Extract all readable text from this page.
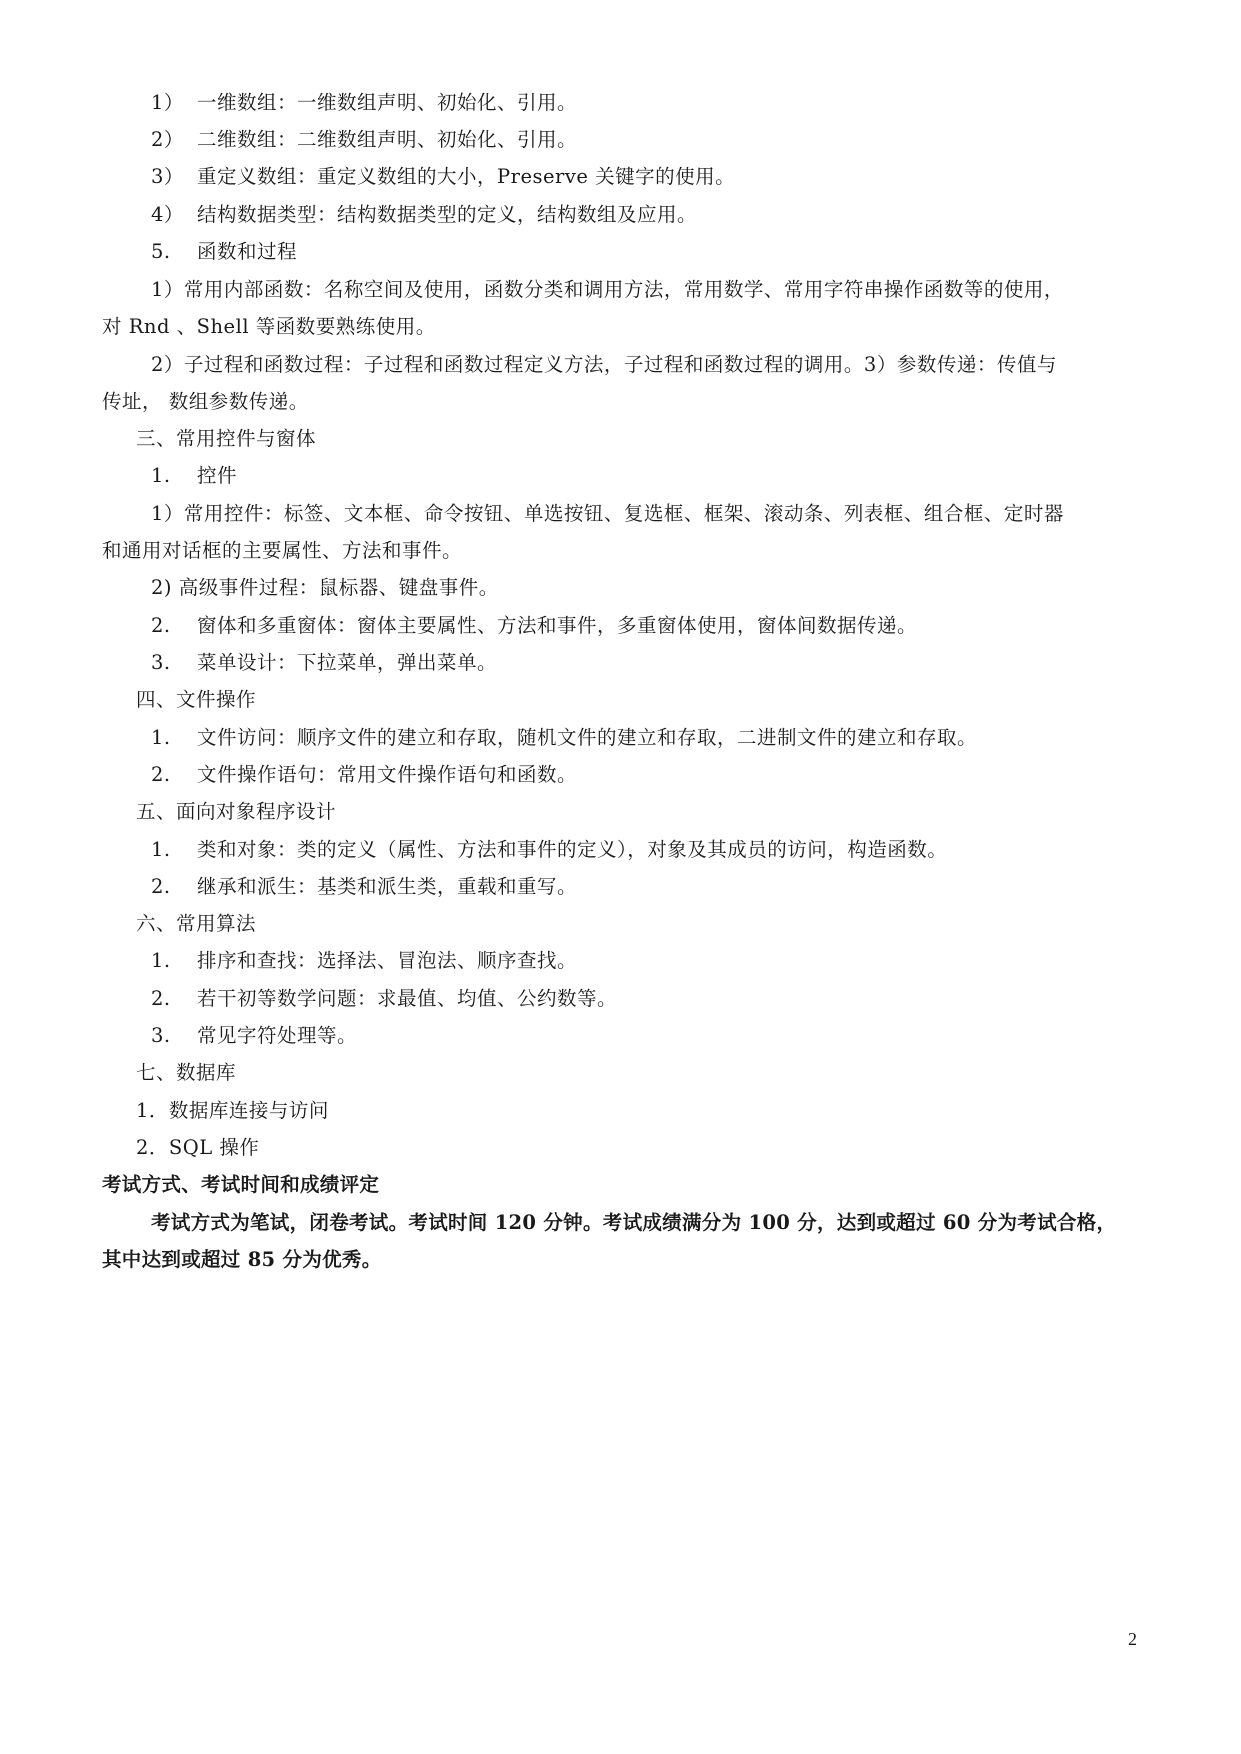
1） 一维数组：一维数组声明、初始化、引用。
2） 二维数组：二维数组声明、初始化、引用。
3） 重定义数组：重定义数组的大小，Preserve 关键字的使用。
4） 结构数据类型：结构数据类型的定义，结构数组及应用。
5. 函数和过程
1）常用内部函数：名称空间及使用，函数分类和调用方法，常用数学、常用字符串操作函数等的使用，
对 Rnd 、Shell 等函数要熟练使用。
2）子过程和函数过程：子过程和函数过程定义方法，子过程和函数过程的调用。3）参数传递：传值与
传址， 数组参数传递。
三、常用控件与窗体
1. 控件
1）常用控件：标签、文本框、命令按钮、单选按钮、复选框、框架、滚动条、列表框、组合框、定时器
和通用对话框的主要属性、方法和事件。
2) 高级事件过程：鼠标器、键盘事件。
2. 窗体和多重窗体：窗体主要属性、方法和事件，多重窗体使用，窗体间数据传递。
3. 菜单设计：下拉菜单，弹出菜单。
四、文件操作
1. 文件访问：顺序文件的建立和存取，随机文件的建立和存取，二进制文件的建立和存取。
2. 文件操作语句：常用文件操作语句和函数。
五、面向对象程序设计
1. 类和对象：类的定义（属性、方法和事件的定义），对象及其成员的访问，构造函数。
2. 继承和派生：基类和派生类，重载和重写。
六、常用算法
1. 排序和查找：选择法、冒泡法、顺序查找。
2. 若干初等数学问题：求最值、均值、公约数等。
3. 常见字符处理等。
七、数据库
1．数据库连接与访问
2．SQL 操作
考试方式、考试时间和成绩评定
考试方式为笔试，闭卷考试。考试时间 120 分钟。考试成绩满分为 100 分，达到或超过 60 分为考试合格，
其中达到或超过 85 分为优秀。
2
